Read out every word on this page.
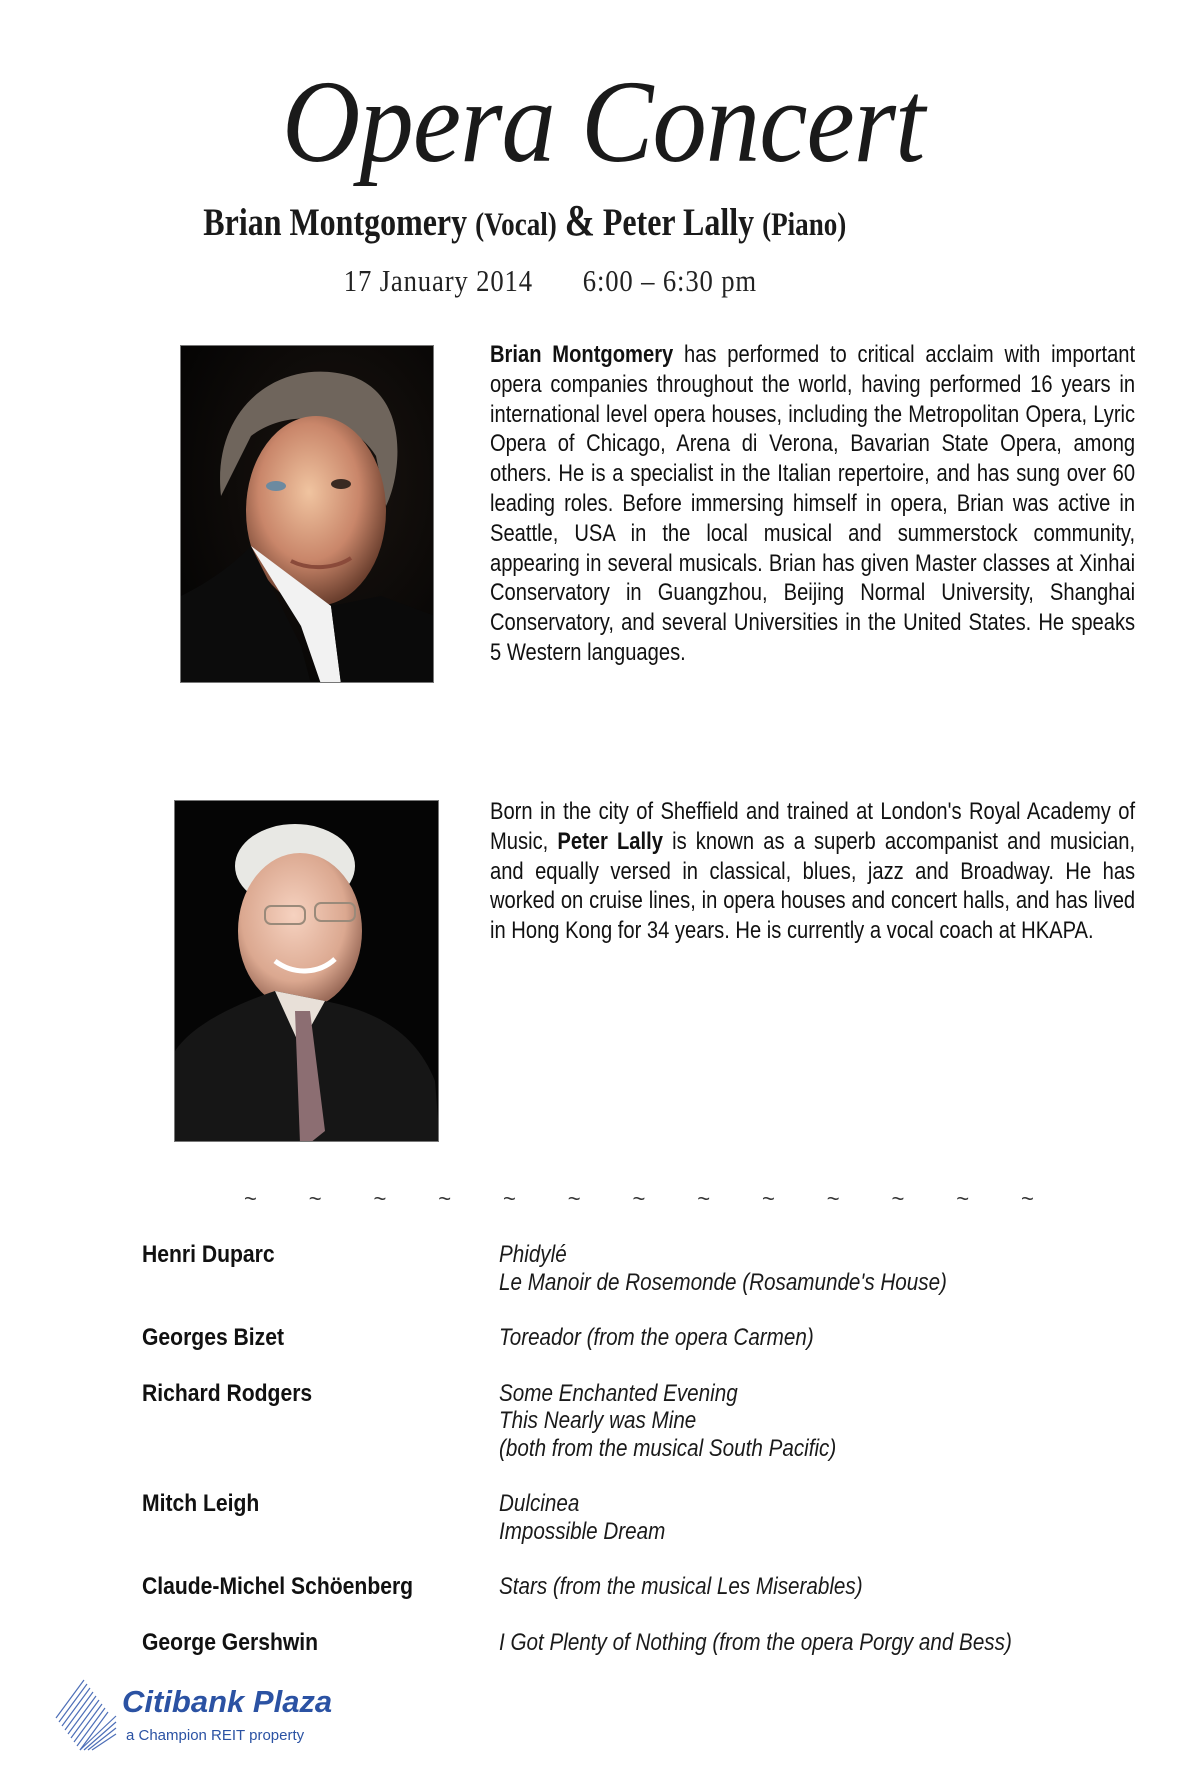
Opera Concert
Brian Montgomery (Vocal) & Peter Lally (Piano)
17 January 2014 6:00 – 6:30 pm
Brian Montgomery has performed to critical acclaim with important opera companies throughout the world, having performed 16 years in international level opera houses, including the Metropolitan Opera, Lyric Opera of Chicago, Arena di Verona, Bavarian State Opera, among others. He is a specialist in the Italian repertoire, and has sung over 60 leading roles. Before immersing himself in opera, Brian was active in Seattle, USA in the local musical and summerstock community, appearing in several musicals. Brian has given Master classes at Xinhai Conservatory in Guangzhou, Beijing Normal University, Shanghai Conservatory, and several Universities in the United States. He speaks 5 Western languages.
Born in the city of Sheffield and trained at London's Royal Academy of Music, Peter Lally is known as a superb accompanist and musician, and equally versed in classical, blues, jazz and Broadway. He has worked on cruise lines, in opera houses and concert halls, and has lived in Hong Kong for 34 years. He is currently a vocal coach at HKAPA.
~ ~ ~ ~ ~ ~ ~ ~ ~ ~ ~ ~ ~
Henri Duparc	Phidylé
Le Manoir de Rosemonde (Rosamunde's House)
Georges Bizet	Toreador (from the opera Carmen)
Richard Rodgers	Some Enchanted Evening
This Nearly was Mine
(both from the musical South Pacific)
Mitch Leigh	Dulcinea
Impossible Dream
Claude-Michel Schöenberg	Stars (from the musical Les Miserables)
George Gershwin	I Got Plenty of Nothing (from the opera Porgy and Bess)
Citibank Plaza
a Champion REIT property
